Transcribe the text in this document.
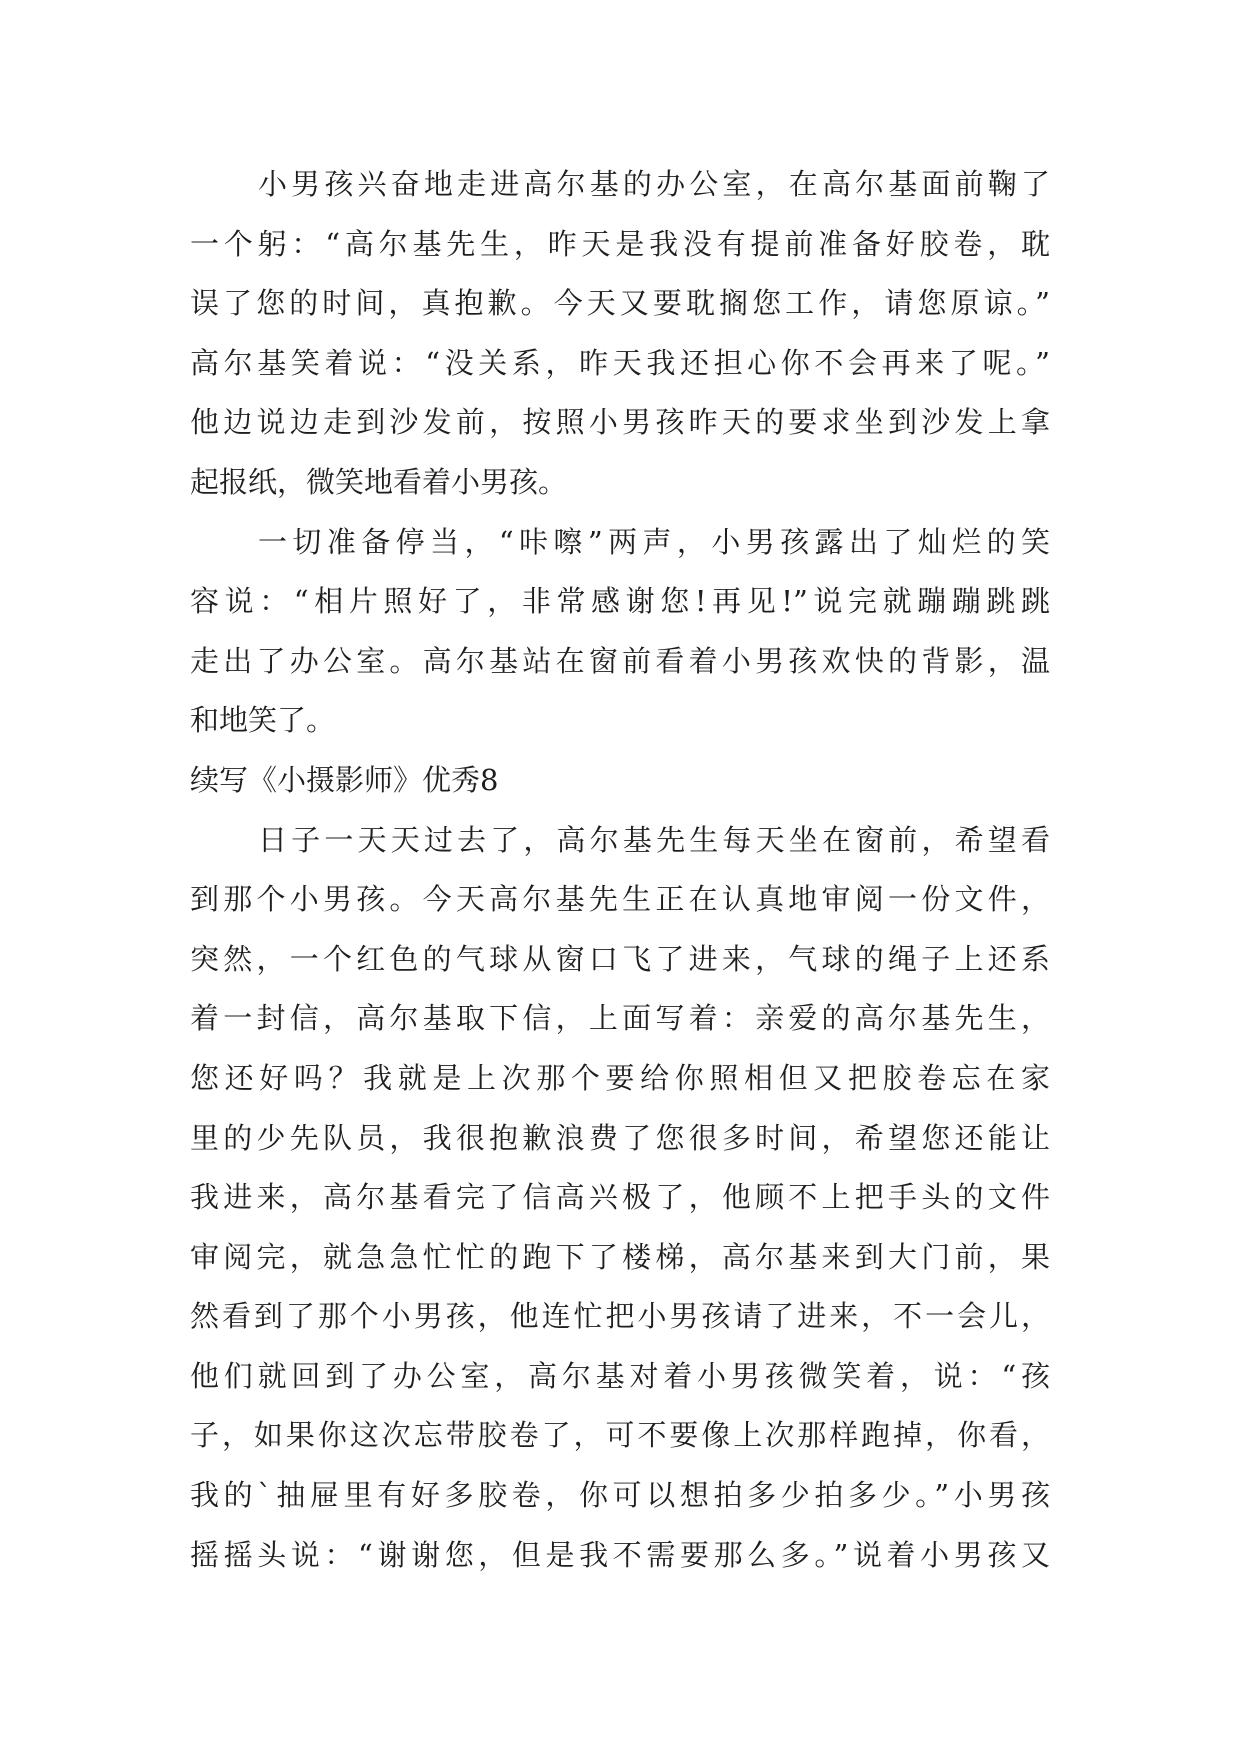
小男孩兴奋地走进高尔基的办公室，在高尔基面前鞠了
一个躬：“高尔基先生，昨天是我没有提前准备好胶卷，耽
误了您的时间，真抱歉。今天又要耽搁您工作，请您原谅。”
高尔基笑着说：“没关系，昨天我还担心你不会再来了呢。”
他边说边走到沙发前，按照小男孩昨天的要求坐到沙发上拿
起报纸，微笑地看着小男孩。
一切准备停当，“咔嚓”两声，小男孩露出了灿烂的笑
容说：“相片照好了，非常感谢您!再见!”说完就蹦蹦跳跳
走出了办公室。高尔基站在窗前看着小男孩欢快的背影，温
和地笑了。
续写《小摄影师》优秀8
日子一天天过去了，高尔基先生每天坐在窗前，希望看
到那个小男孩。今天高尔基先生正在认真地审阅一份文件，
突然，一个红色的气球从窗口飞了进来，气球的绳子上还系
着一封信，高尔基取下信，上面写着：亲爱的高尔基先生，
您还好吗？我就是上次那个要给你照相但又把胶卷忘在家
里的少先队员，我很抱歉浪费了您很多时间，希望您还能让
我进来，高尔基看完了信高兴极了，他顾不上把手头的文件
审阅完，就急急忙忙的跑下了楼梯，高尔基来到大门前，果
然看到了那个小男孩，他连忙把小男孩请了进来，不一会儿，
他们就回到了办公室，高尔基对着小男孩微笑着，说：“孩
子，如果你这次忘带胶卷了，可不要像上次那样跑掉，你看，
我的`抽屉里有好多胶卷，你可以想拍多少拍多少。”小男孩
摇摇头说：“谢谢您，但是我不需要那么多。”说着小男孩又
